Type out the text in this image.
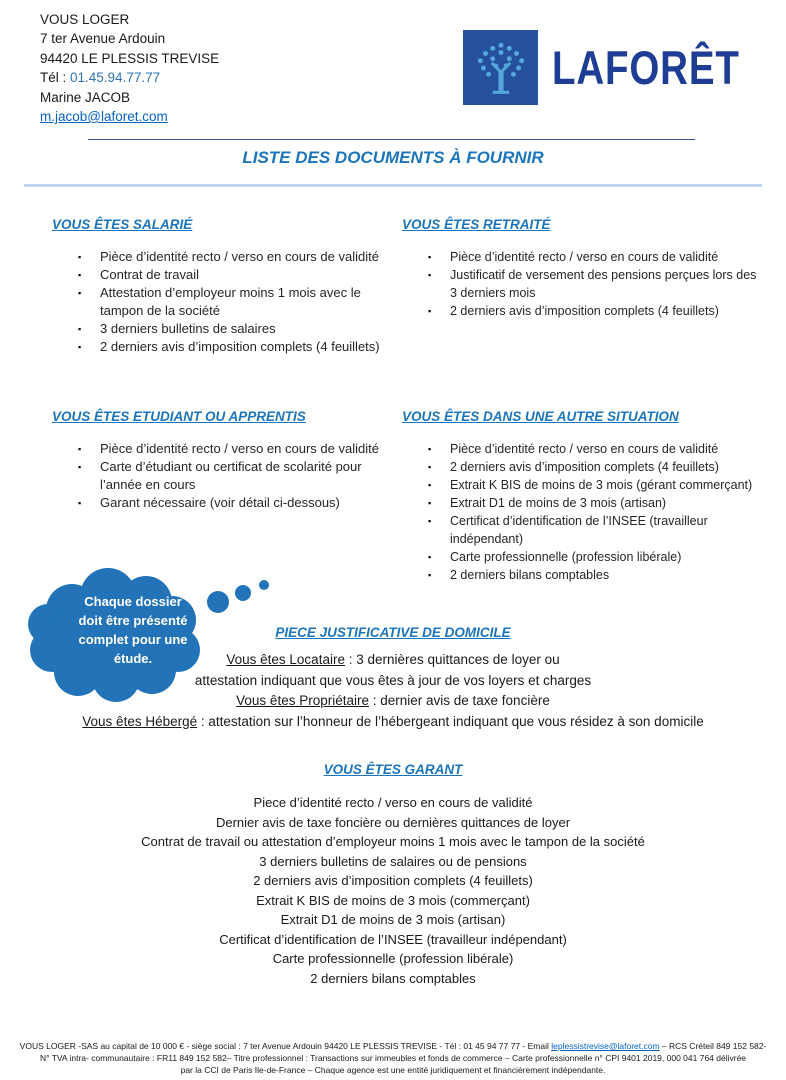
VOUS LOGER
7 ter Avenue Ardouin
94420 LE PLESSIS TREVISE
Tél : 01.45.94.77.77
Marine JACOB
m.jacob@laforet.com
LAFORÊT
LISTE DES DOCUMENTS À FOURNIR
VOUS ÊTES SALARIÉ
▪	Pièce d’identité recto / verso en cours de validité
▪	Contrat de travail
▪	Attestation d’employeur moins 1 mois avec le tampon de la société
▪	3 derniers bulletins de salaires
▪	2 derniers avis d’imposition complets (4 feuillets)
VOUS ÊTES RETRAITÉ
▪	Pièce d’identité recto / verso en cours de validité
▪	Justificatif de versement des pensions perçues lors des 3 derniers mois
▪	2 derniers avis d’imposition complets (4 feuillets)
VOUS ÊTES ETUDIANT OU APPRENTIS
▪	Pièce d’identité recto / verso en cours de validité
▪	Carte d’étudiant ou certificat de scolarité pour l’année en cours
▪	Garant nécessaire (voir détail ci-dessous)
VOUS ÊTES DANS UNE AUTRE SITUATION
▪	Pièce d’identité recto / verso en cours de validité
▪	2 derniers avis d’imposition complets (4 feuillets)
▪	Extrait K BIS de moins de 3 mois (gérant commerçant)
▪	Extrait D1 de moins de 3 mois (artisan)
▪	Certificat d’identification de l’INSEE (travailleur indépendant)
▪	Carte professionnelle (profession libérale)
▪	2 derniers bilans comptables
Chaque dossier
doit être présenté
complet pour une
étude.
PIECE JUSTIFICATIVE DE DOMICILE
Vous êtes Locataire : 3 dernières quittances de loyer ou
attestation indiquant que vous êtes à jour de vos loyers et charges
Vous êtes Propriétaire : dernier avis de taxe foncière
Vous êtes Hébergé : attestation sur l’honneur de l’hébergeant indiquant que vous résidez à son domicile
VOUS ÊTES GARANT
Piece d’identité recto / verso en cours de validité
Dernier avis de taxe foncière ou dernières quittances de loyer
Contrat de travail ou attestation d’employeur moins 1 mois avec le tampon de la société
3 derniers bulletins de salaires ou de pensions
2 derniers avis d’imposition complets (4 feuillets)
Extrait K BIS de moins de 3 mois (commerçant)
Extrait D1 de moins de 3 mois (artisan)
Certificat d’identification de l’INSEE (travailleur indépendant)
Carte professionnelle (profession libérale)
2 derniers bilans comptables
VOUS LOGER -SAS au capital de 10 000 € - siège social : 7 ter Avenue Ardouin 94420 LE PLESSIS TREVISE - Tél : 01 45 94 77 77 - Email leplessistrevise@laforet.com – RCS Créteil 849 152 582-
N° TVA intra- communautaire : FR11 849 152 582– Titre professionnel : Transactions sur immeubles et fonds de commerce – Carte professionnelle n° CPI 9401 2019, 000 041 764 délivrée
par la CCI de Paris Ile-de-France – Chaque agence est une entité juridiquement et financièrement indépendante.
